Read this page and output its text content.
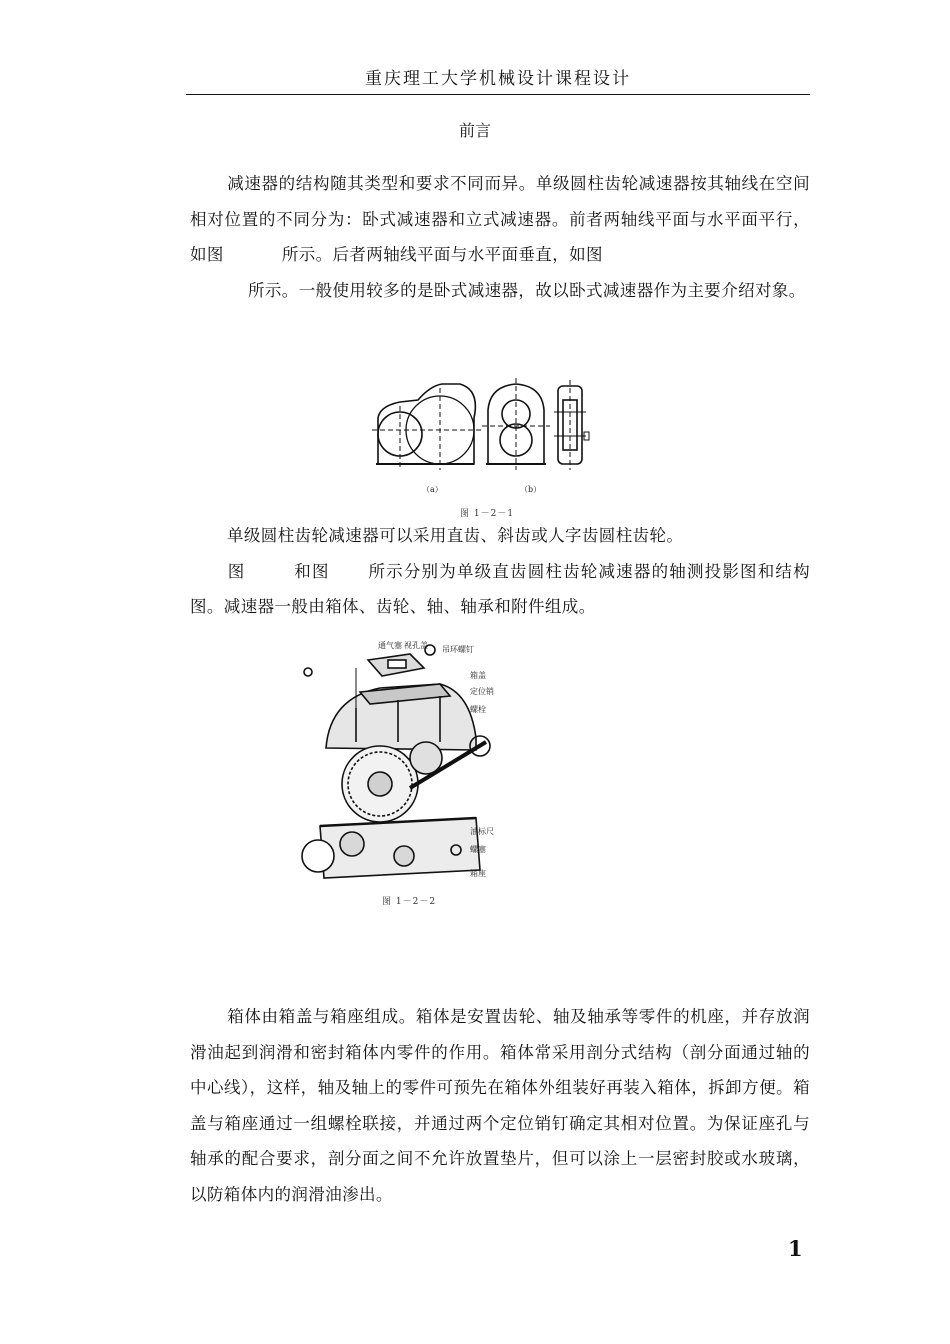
重庆理工大学机械设计课程设计
前言
减速器的结构随其类型和要求不同而异。单级圆柱齿轮减速器按其轴线在空间相对位置的不同分为：卧式减速器和立式减速器。前者两轴线平面与水平面平行，如图	所示。后者两轴线平面与水平面垂直，如图
所示。一般使用较多的是卧式减速器，故以卧式减速器作为主要介绍对象。
（a）	（b）
图 1－2－1
单级圆柱齿轮减速器可以采用直齿、斜齿或人字齿圆柱齿轮。
图	和图 所示分别为单级直齿圆柱齿轮减速器的轴测投影图和结构图。减速器一般由箱体、齿轮、轴、轴承和附件组成。
通气塞 视孔盖 吊环螺钉
箱盖
定位销
螺栓
油标尺
螺塞
箱座
图 1－2－2
箱体由箱盖与箱座组成。箱体是安置齿轮、轴及轴承等零件的机座，并存放润滑油起到润滑和密封箱体内零件的作用。箱体常采用剖分式结构（剖分面通过轴的中心线），这样，轴及轴上的零件可预先在箱体外组装好再装入箱体，拆卸方便。箱盖与箱座通过一组螺栓联接，并通过两个定位销钉确定其相对位置。为保证座孔与轴承的配合要求，剖分面之间不允许放置垫片，但可以涂上一层密封胶或水玻璃，以防箱体内的润滑油渗出。
1
